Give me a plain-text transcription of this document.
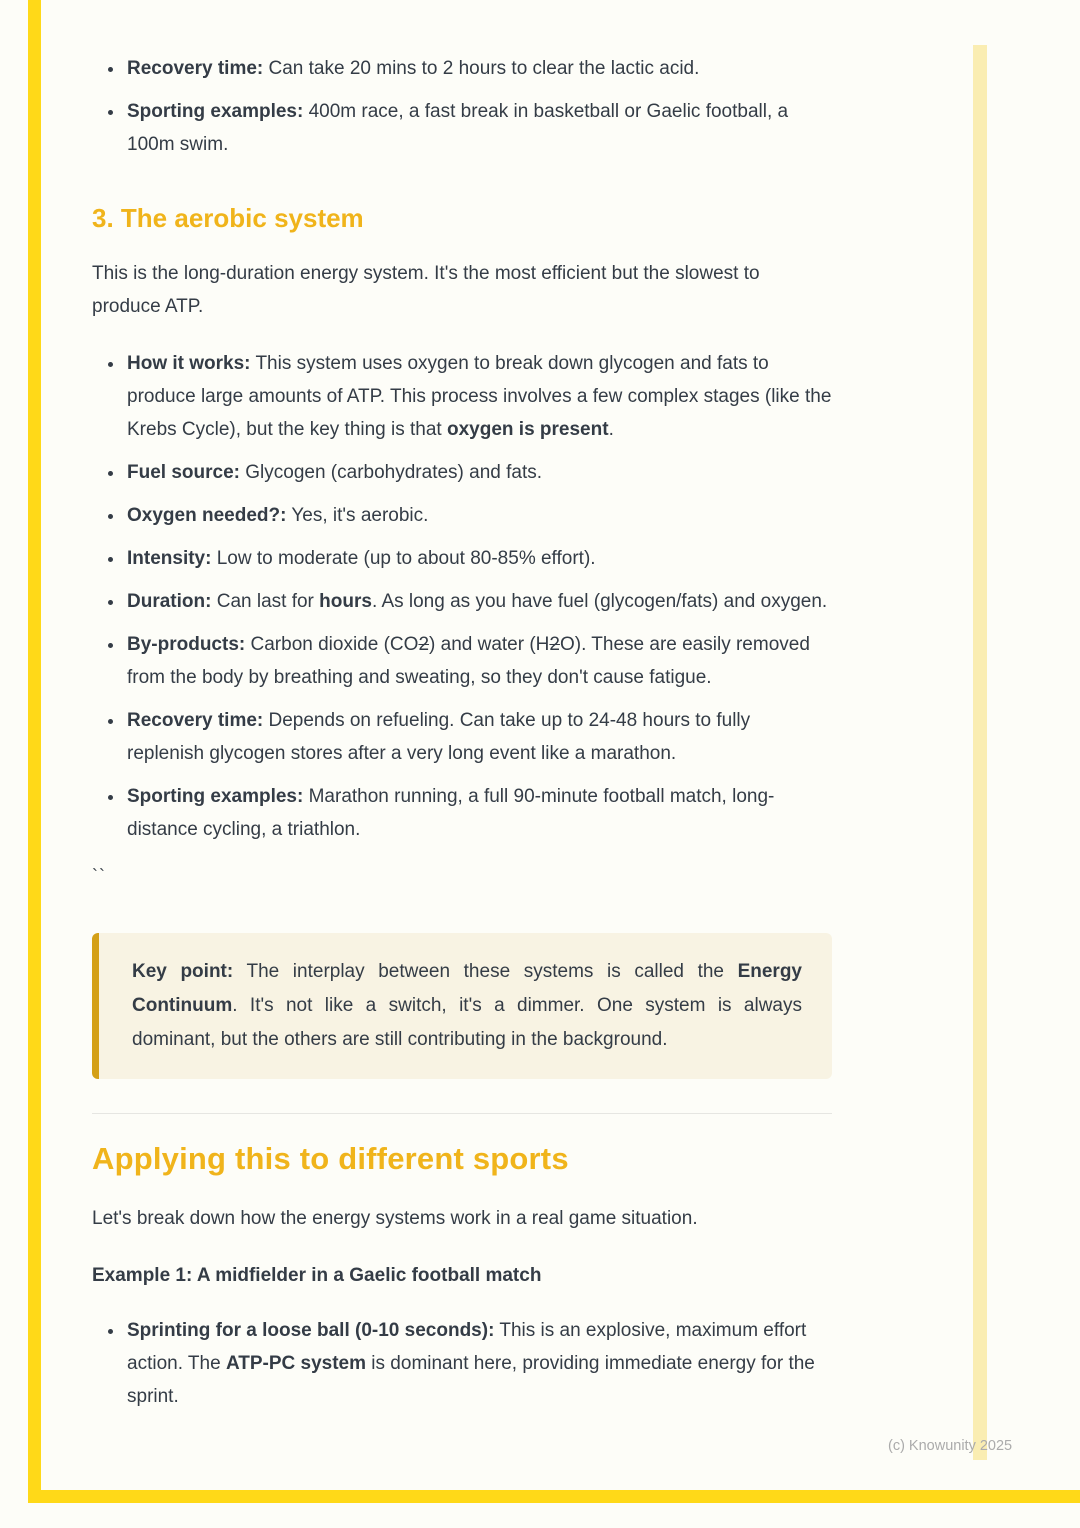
(c) Knowunity 2025
• Recovery time: Can take 20 mins to 2 hours to clear the lactic acid.
• Sporting examples: 400m race, a fast break in basketball or Gaelic football, a 100m swim.
3. The aerobic system

This is the long-duration energy system. It's the most efficient but the slowest to produce ATP.

• How it works: This system uses oxygen to break down glycogen and fats to produce large amounts of ATP. This process involves a few complex stages (like the Krebs Cycle), but the key thing is that oxygen is present.
• Fuel source: Glycogen (carbohydrates) and fats.
• Oxygen needed?: Yes, it's aerobic.
• Intensity: Low to moderate (up to about 80-85% effort).
• Duration: Can last for hours. As long as you have fuel (glycogen/fats) and oxygen.
• By-products: Carbon dioxide (CO2) and water (H2O). These are easily removed from the body by breathing and sweating, so they don't cause fatigue.
• Recovery time: Depends on refueling. Can take up to 24-48 hours to fully replenish glycogen stores after a very long event like a marathon.
• Sporting examples: Marathon running, a full 90-minute football match, long-distance cycling, a triathlon.

``

Key point: The interplay between these systems is called the Energy Continuum. It's not like a switch, it's a dimmer. One system is always dominant, but the others are still contributing in the background.

Applying this to different sports

Let's break down how the energy systems work in a real game situation.

Example 1: A midfielder in a Gaelic football match

• Sprinting for a loose ball (0-10 seconds): This is an explosive, maximum effort action. The ATP-PC system is dominant here, providing immediate energy for the sprint.
